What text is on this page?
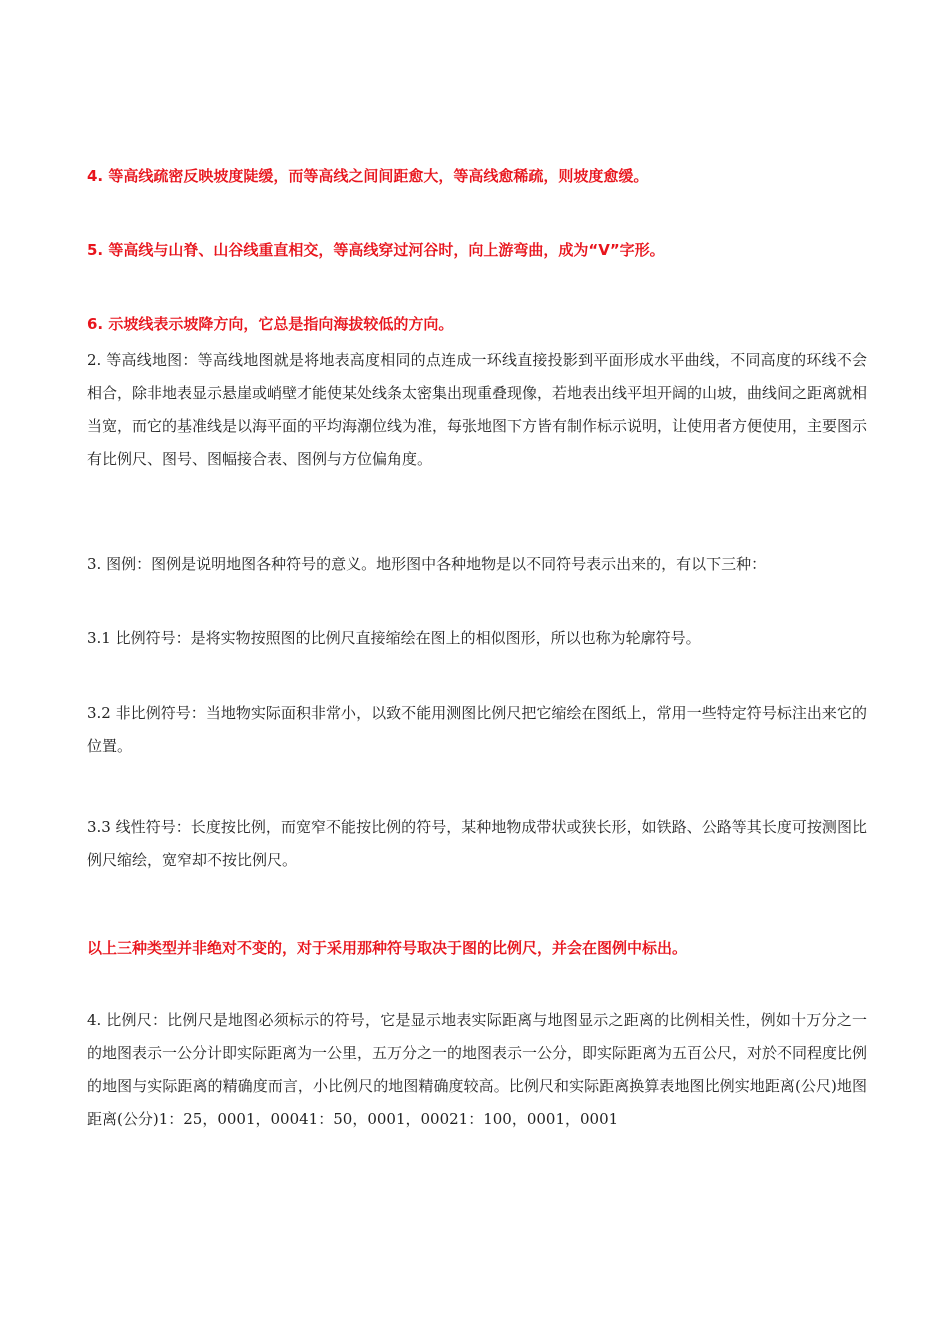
4. 等高线疏密反映坡度陡缓，而等高线之间间距愈大，等高线愈稀疏，则坡度愈缓。

5. 等高线与山脊、山谷线重直相交，等高线穿过河谷时，向上游弯曲，成为“V”字形。

6. 示坡线表示坡降方向，它总是指向海拔较低的方向。

2. 等高线地图：等高线地图就是将地表高度相同的点连成一环线直接投影到平面形成水平曲线，不同高度的环线不会相合，除非地表显示悬崖或峭壁才能使某处线条太密集出现重叠现像，若地表出线平坦开阔的山坡，曲线间之距离就相当宽，而它的基准线是以海平面的平均海潮位线为准，每张地图下方皆有制作标示说明，让使用者方便使用，主要图示有比例尺、图号、图幅接合表、图例与方位偏角度。

3. 图例：图例是说明地图各种符号的意义。地形图中各种地物是以不同符号表示出来的，有以下三种：

3.1 比例符号：是将实物按照图的比例尺直接缩绘在图上的相似图形，所以也称为轮廓符号。

3.2 非比例符号：当地物实际面积非常小，以致不能用测图比例尺把它缩绘在图纸上，常用一些特定符号标注出来它的位置。

3.3 线性符号：长度按比例，而宽窄不能按比例的符号，某种地物成带状或狭长形，如铁路、公路等其长度可按测图比例尺缩绘，宽窄却不按比例尺。

以上三种类型并非绝对不变的，对于采用那种符号取决于图的比例尺，并会在图例中标出。

4. 比例尺：比例尺是地图必须标示的符号，它是显示地表实际距离与地图显示之距离的比例相关性，例如十万分之一的地图表示一公分计即实际距离为一公里，五万分之一的地图表示一公分，即实际距离为五百公尺，对於不同程度比例的地图与实际距离的精确度而言，小比例尺的地图精确度较高。比例尺和实际距离换算表地图比例实地距离(公尺)地图距离(公分)1：25，0001，00041：50，0001，00021：100，0001，0001
